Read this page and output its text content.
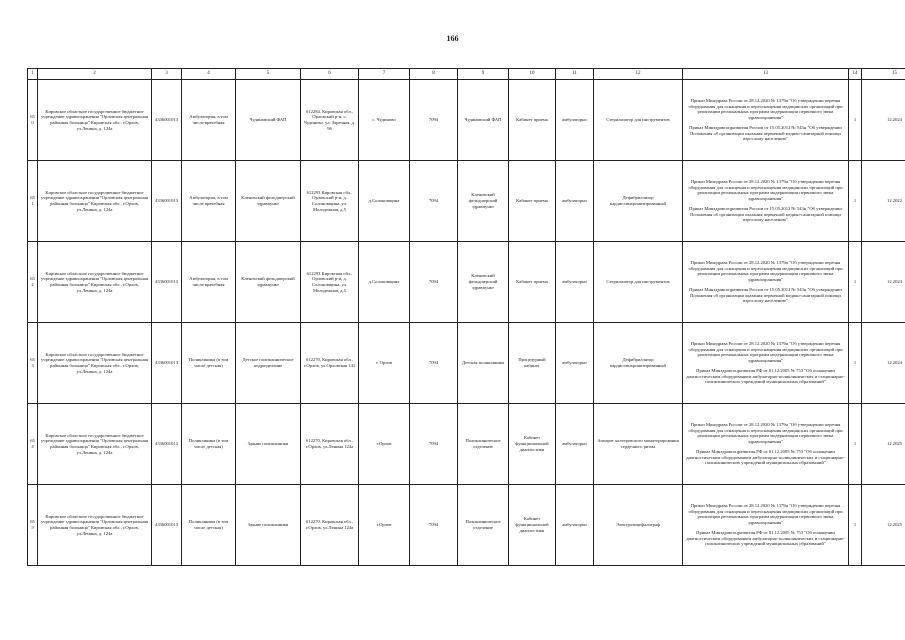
166
1	2	3	4	5	6	7	8	9	10	11	12	13	14	15
650	Кировское областное государственное бюджетное учреждение здравоохранения "Орловская центральная районная больница" Кировская обл., г.Орлов, ул.Ленина, д. 124а	4336001013	Амбулатория, в том числе врачебная	Чудиновский ФАП	612284, Кировская обл., Орловский р-н, с. Чудиново, ул. Заречная, д. 96	с. Чудиново	7094	Чудиновский ФАП	Кабинет приема	амбулаторно	Стерилизатор для инструментов	Приказ Минздрава России от 28.12.2020 № 1379н "Об утверждении перечня оборудования для оснащения и переоснащения медицинских организаций при реализации региональных программ модернизации первичного звена здравоохранения"

Приказ Минздравсоцразвития России от 15.05.2012 № 543н "Об утверждении Положения об организации оказания первичной медико-санитарной помощи взрослому населению"	1	12.2024
651	Кировское областное государственное бюджетное учреждение здравоохранения "Орловская центральная районная больница" Кировская обл., г.Орлов, ул.Ленина, д. 124а	4336001013	Амбулатория, в том числе врачебная	Кленовский фельдшерский здравпункт	612293 Кировская обл., Орловский р-н, д. Солоновщина, ул. Молодежная, д.5	д.Солоновщина	7094	Кленовский фельдшерский здравпункт	Кабинет приема	амбулаторно	Дефибриллятор кардиосинхронизированный	Приказ Минздрава России от 28.12.2020 № 1379н "Об утверждении перечня оборудования для оснащения и переоснащения медицинских организаций при реализации региональных программ модернизации первичного звена здравоохранения"

Приказ Минздравсоцразвития России от 15.05.2012 № 543н "Об утверждении Положения об организации оказания первичной медико-санитарной помощи взрослому населению"	1	12.2022
652	Кировское областное государственное бюджетное учреждение здравоохранения "Орловская центральная районная больница" Кировская обл., г.Орлов, ул.Ленина, д. 124а	4336001013	Амбулатория, в том числе врачебная	Кленовский фельдшерский здравпункт	612293 Кировская обл., Орловский р-н, д. Солоновщина, ул. Молодежная, д.5	д.Солоновщина	7094	Кленовский фельдшерский здравпункт	Кабинет приема	амбулаторно	Стерилизатор для инструментов	Приказ Минздрава России от 28.12.2020 № 1379н "Об утверждении перечня оборудования для оснащения и переоснащения медицинских организаций при реализации региональных программ модернизации первичного звена здравоохранения"

Приказ Минздравсоцразвития России от 15.05.2012 № 543н "Об утверждении Положения об организации оказания первичной медико-санитарной помощи взрослому населению"	1	12.2024
653	Кировское областное государственное бюджетное учреждение здравоохранения "Орловская центральная районная больница" Кировская обл., г.Орлов, ул.Ленина, д. 124а	4336001013	Поликлиника (в том числе детская)	Детское поликлиническое подразделение	612270, Кировская обл., г.Орлов, ул.Орловская 141	г. Орлов	7094	Детская поликлиника	Процедурный кабинет	амбулаторно	Дефибриллятор кардиосинхронизированный	Приказ Минздрава России от 28.12.2020 № 1379н "Об утверждении перечня оборудования для оснащения и переоснащения медицинских организаций при реализации региональных программ модернизации первичного звена здравоохранения"

Приказ Минздравсоцразвития РФ от 01.12.2005 № 753 "Об оснащении диагностическим оборудованием амбулаторно-поликлинических и стационарно-поликлинических учреждений муниципальных образований"	1	12.2024
654	Кировское областное государственное бюджетное учреждение здравоохранения "Орловская центральная районная больница" Кировская обл., г.Орлов, ул.Ленина, д. 124а	4336001013	Поликлиника (в том числе детская)	Здание поликлиники	612270, Кировская обл., г.Орлов, ул.Ленина 124а	г.Орлов	7094	Поликлиническое отделение	Кабинет функциональной диагностики	амбулаторно	Аппарат холтеровского мониторирования сердечного ритма	Приказ Минздрава России от 28.12.2020 № 1379н "Об утверждении перечня оборудования для оснащения и переоснащения медицинских организаций при реализации региональных программ модернизации первичного звена здравоохранения"

Приказ Минздравсоцразвития РФ от 01.12.2005 № 753 "Об оснащении диагностическим оборудованием амбулаторно-поликлинических и стационарно-поликлинических учреждений муниципальных образований"	1	12.2025
655	Кировское областное государственное бюджетное учреждение здравоохранения "Орловская центральная районная больница" Кировская обл., г.Орлов, ул.Ленина, д. 124а	4336001013	Поликлиника (в том числе детская)	Здание поликлиники	612270, Кировская обл., г.Орлов, ул.Ленина 124а	г.Орлов	7094	Поликлиническое отделение	Кабинет функциональной диагностики	амбулаторно	Электроэнцефалограф	Приказ Минздрава России от 28.12.2020 № 1379н "Об утверждении перечня оборудования для оснащения и переоснащения медицинских организаций при реализации региональных программ модернизации первичного звена здравоохранения"

Приказ Минздравсоцразвития РФ от 01.12.2005 № 753 "Об оснащении диагностическим оборудованием амбулаторно-поликлинических и стационарно-поликлинических учреждений муниципальных образований"	1	12.2025
